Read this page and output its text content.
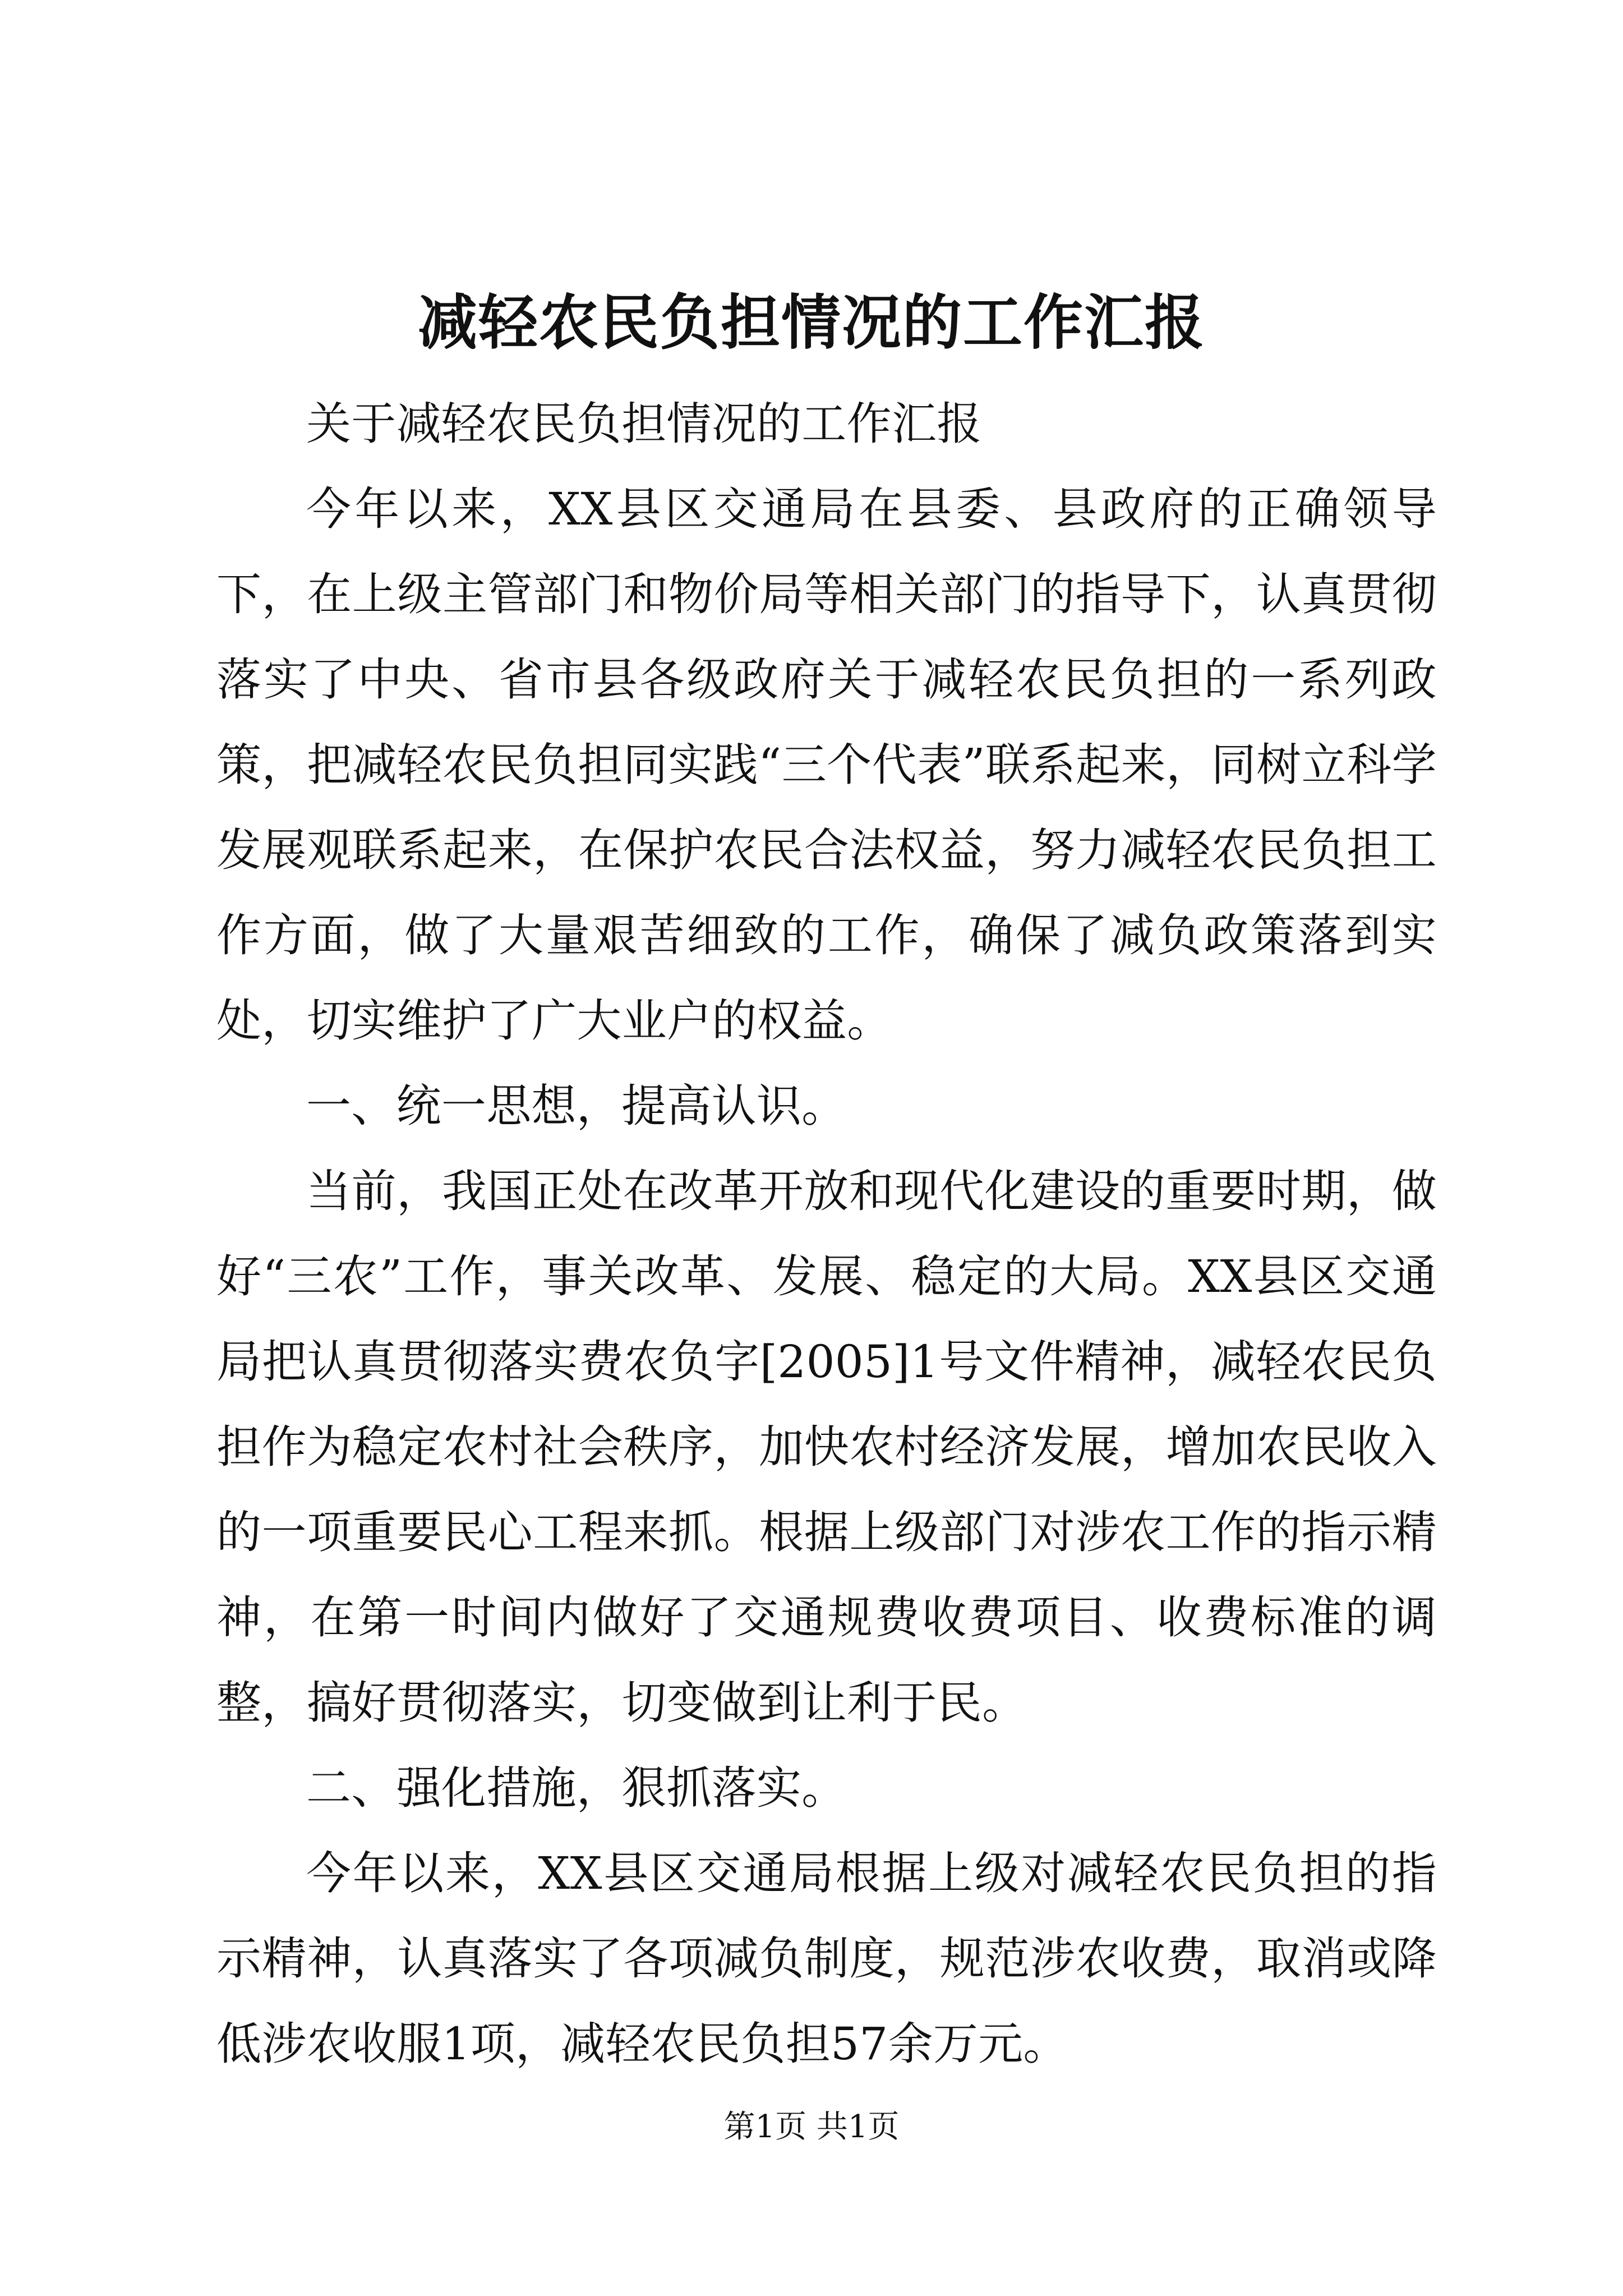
减轻农民负担情况的工作汇报

关于减轻农民负担情况的工作汇报

今年以来，XX县区交通局在县委、县政府的正确领导下，在上级主管部门和物价局等相关部门的指导下，认真贯彻落实了中央、省市县各级政府关于减轻农民负担的一系列政策，把减轻农民负担同实践“三个代表”联系起来，同树立科学发展观联系起来，在保护农民合法权益，努力减轻农民负担工作方面，做了大量艰苦细致的工作，确保了减负政策落到实处，切实维护了广大业户的权益。

一、统一思想，提高认识。

当前，我国正处在改革开放和现代化建设的重要时期，做好“三农”工作，事关改革、发展、稳定的大局。XX县区交通局把认真贯彻落实费农负字[2005]1号文件精神，减轻农民负担作为稳定农村社会秩序，加快农村经济发展，增加农民收入的一项重要民心工程来抓。根据上级部门对涉农工作的指示精神，在第一时间内做好了交通规费收费项目、收费标准的调整，搞好贯彻落实，切变做到让利于民。

二、强化措施，狠抓落实。

今年以来，XX县区交通局根据上级对减轻农民负担的指示精神，认真落实了各项减负制度，规范涉农收费，取消或降低涉农收服1项，减轻农民负担57余万元。

第1页 共1页
